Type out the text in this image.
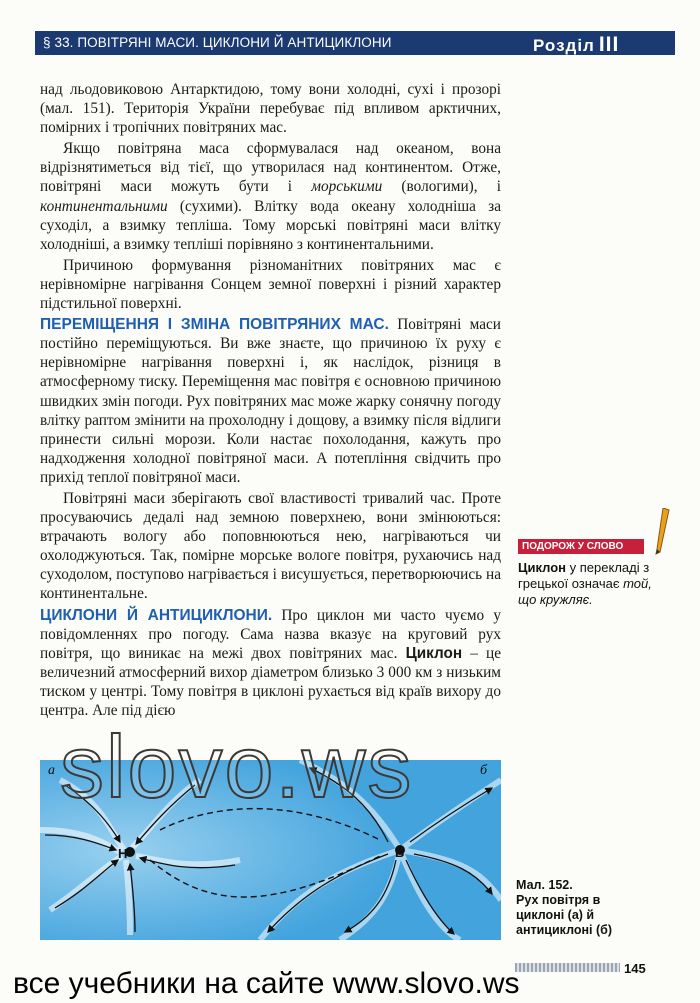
§ 33. ПОВІТРЯНІ МАСИ. ЦИКЛОНИ Й АНТИЦИКЛОНИ	Розділ III

над льодовиковою Антарктидою, тому вони холодні, сухі і прозорі (мал. 151). Територія України перебуває під впливом арктичних, помірних і тропічних повітряних мас.

Якщо повітряна маса сформувалася над океаном, вона відрізнятиметься від тієї, що утворилася над континентом. Отже, повітряні маси можуть бути і морськими (вологими), і континентальними (сухими). Влітку вода океану холодніша за суходіл, а взимку тепліша. Тому морські повітряні маси влітку холодніші, а взимку тепліші порівняно з континентальними.

Причиною формування різноманітних повітряних мас є нерівномірне нагрівання Сонцем земної поверхні і різний характер підстильної поверхні.

ПЕРЕМІЩЕННЯ І ЗМІНА ПОВІТРЯНИХ МАС. Повітряні маси постійно переміщуються. Ви вже знаєте, що причиною їх руху є нерівномірне нагрівання поверхні і, як наслідок, різниця в атмосферному тиску. Переміщення мас повітря є основною причиною швидких змін погоди. Рух повітряних мас може жарку сонячну погоду влітку раптом змінити на прохолодну і дощову, а взимку після відлиги принести сильні морози. Коли настає похолодання, кажуть про надходження холодної повітряної маси. А потепління свідчить про прихід теплої повітряної маси.

Повітряні маси зберігають свої властивості тривалий час. Проте просуваючись дедалі над земною поверхнею, вони змінюються: втрачають вологу або поповнюються нею, нагріваються чи охолоджуються. Так, помірне морське вологе повітря, рухаючись над суходолом, поступово нагрівається і висушується, перетворюючись на континентальне.

ЦИКЛОНИ Й АНТИЦИКЛОНИ. Про циклон ми часто чуємо у повідомленнях про погоду. Сама назва вказує на круговий рух повітря, що виникає на межі двох повітряних мас. Циклон – це величезний атмосферний вихор діаметром близько 3 000 км з низьким тиском у центрі. Тому повітря в циклоні рухається від країв вихору до центра. Але під дією

ПОДОРОЖ У СЛОВО
Циклон у перекладі з грецької означає той, що кружляє.
Н	В
а	б
Мал. 152.
Рух повітря в
циклоні (а) й
антициклоні (б)
145
slovo.ws
все учебники на сайте www.slovo.ws
